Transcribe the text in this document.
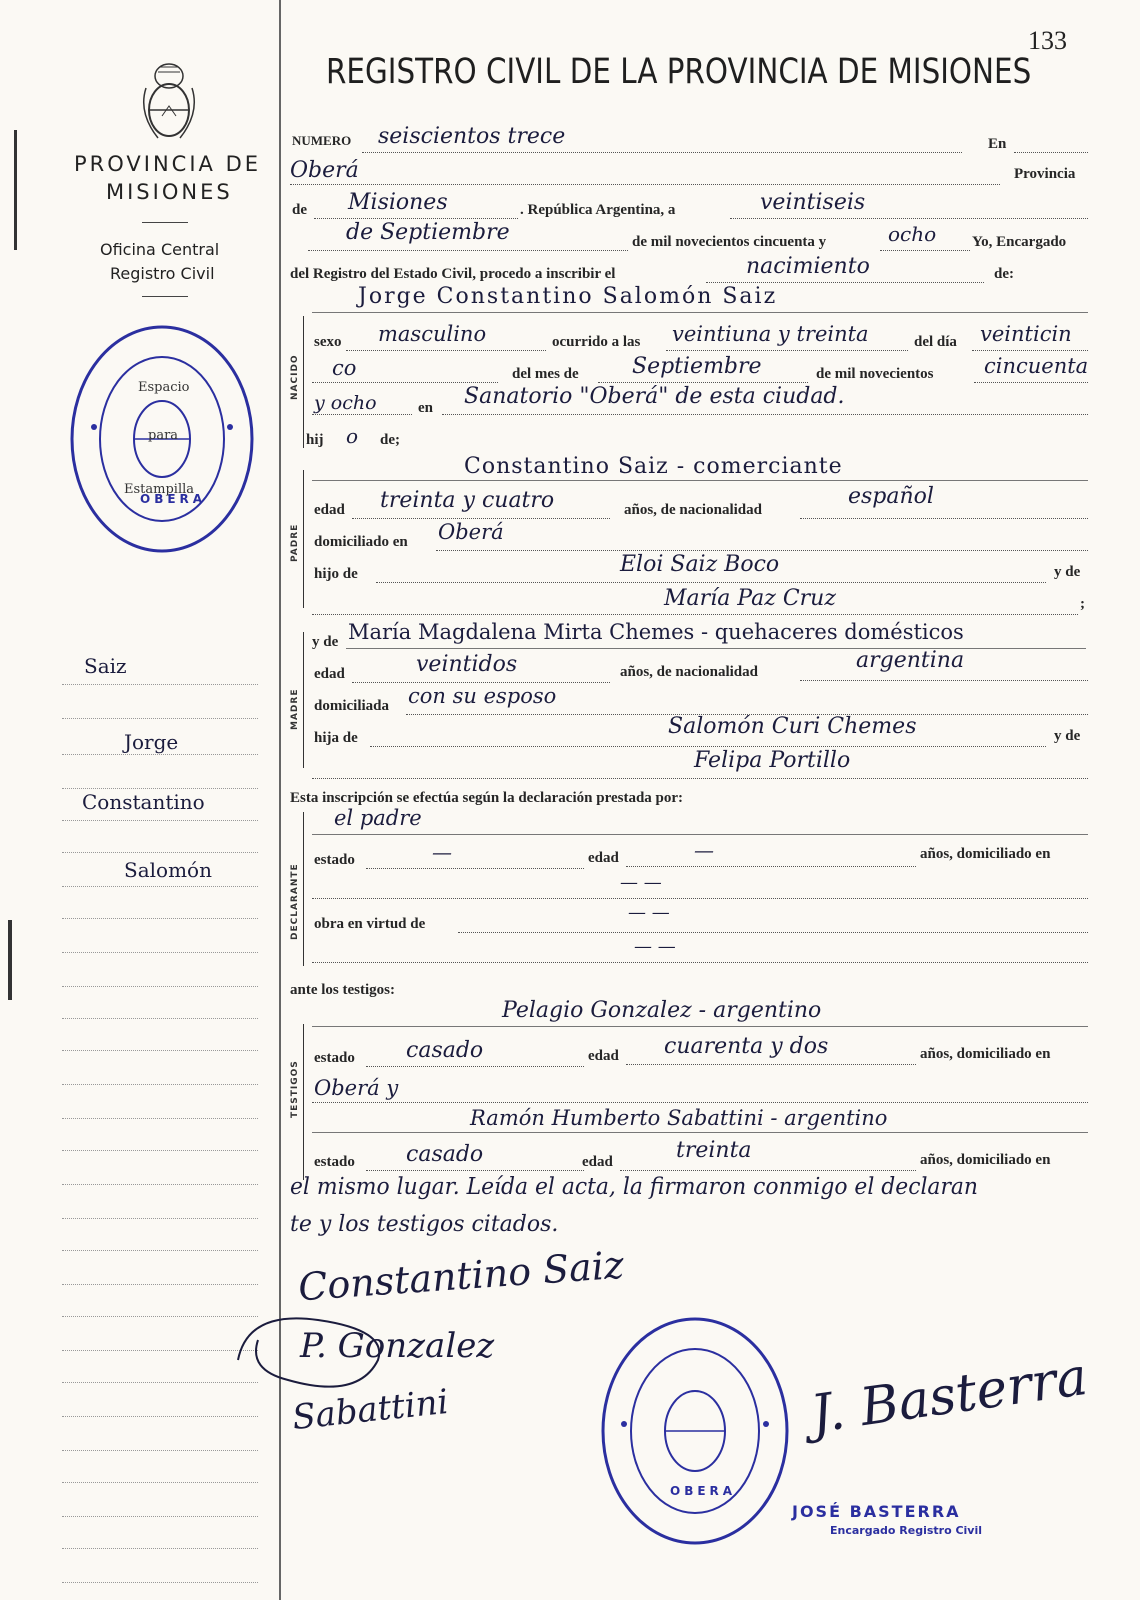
133
PROVINCIA DE
MISIONES
Oficina Central
Registro Civil
OBERA
Espacio
para
Estampilla
Saiz
Jorge
Constantino
Salomón
REGISTRO CIVIL DE LA PROVINCIA DE MISIONES
NUMERO seiscientos trece	En
Oberá	Provincia
de Misiones	. República Argentina, a	veintiseis
de Septiembre	de mil novecientos cincuenta y	ocho Yo, Encargado
del Registro del Estado Civil, procedo a inscribir el	nacimiento	de:
Jorge Constantino Salomón Saiz
NACIDO
sexo masculino	ocurrido a las veintiuna y treinta	del día veinticin
co	del mes de Septiembre	de mil novecientos cincuenta
y ocho	en Sanatorio "Oberá" de esta ciudad.
hij o de;
PADRE
Constantino Saiz - comerciante
edad treinta y cuatro	años, de nacionalidad
español
domiciliado en Oberá
hijo de	Eloi Saiz Boco	y de
María Paz Cruz	;
MADRE
y de María Magdalena Mirta Chemes - quehaceres domésticos
edad	veintidos	años, de nacionalidad	argentina
domiciliada con su esposo
hija de	Salomón Curi Chemes	y de
Felipa Portillo
Esta inscripción se efectúa según la declaración prestada por:
DECLARANTE
el padre
estado	—	edad	—	años, domiciliado en
— —
obra en virtud de
— —
— —
ante los testigos:
TESTIGOS
Pelagio Gonzalez - argentino
estado casado	edad cuarenta y dos	años, domiciliado en
Oberá y
Ramón Humberto Sabattini - argentino
estado casado	edad	treinta	años, domiciliado en
el mismo lugar. Leída el acta, la firmaron conmigo el declaran
te y los testigos citados.
Constantino Saiz
P. Gonzalez
Sabattini	J. Basterra
OBERA
JOSÉ BASTERRA
Encargado Registro Civil
